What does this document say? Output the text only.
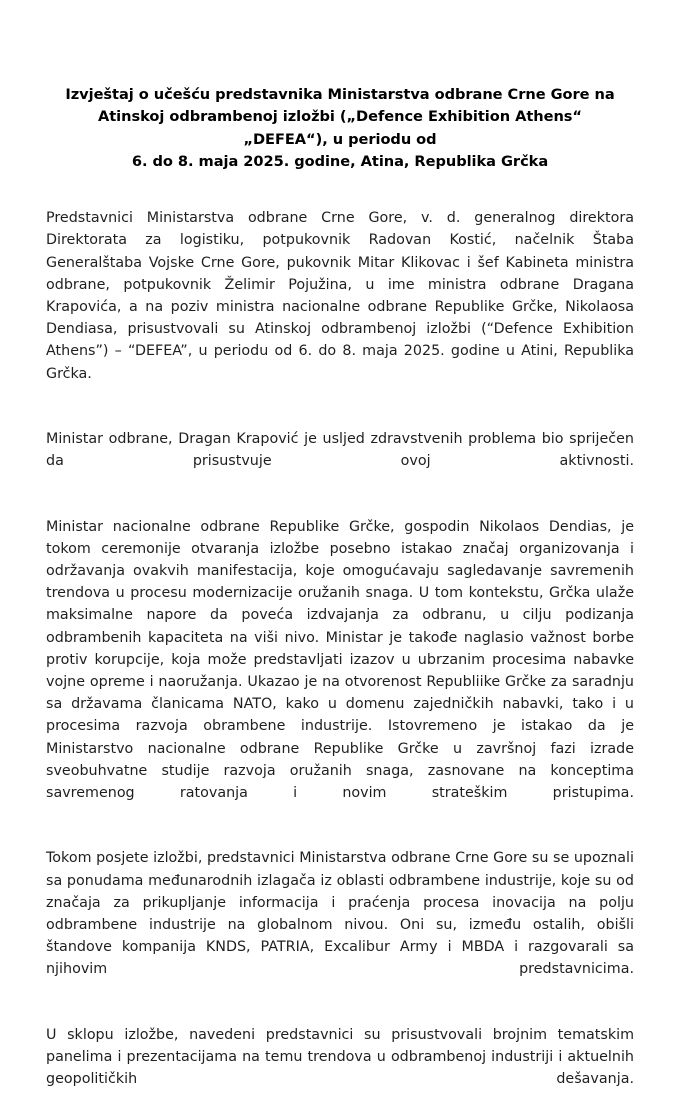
Izvještaj o učešću predstavnika Ministarstva odbrane Crne Gore na
Atinskoj odbrambenoj izložbi („Defence Exhibition Athens“
„DEFEA“), u periodu od
6. do 8. maja 2025. godine, Atina, Republika Grčka

Predstavnici Ministarstva odbrane Crne Gore, v. d. generalnog direktora Direktorata za logistiku, potpukovnik Radovan Kostić, načelnik Štaba Generalštaba Vojske Crne Gore, pukovnik Mitar Klikovac i šef Kabineta ministra odbrane, potpukovnik Želimir Pojužina, u ime ministra odbrane Dragana Krapovića, a na poziv ministra nacionalne odbrane Republike Grčke, Nikolaosa Dendiasa, prisustvovali su Atinskoj odbrambenoj izložbi (“Defence Exhibition Athens”) – “DEFEA”, u periodu od 6. do 8. maja 2025. godine u Atini, Republika Grčka.

Ministar odbrane, Dragan Krapović je usljed zdravstvenih problema bio spriječen da prisustvuje ovoj aktivnosti.

Ministar nacionalne odbrane Republike Grčke, gospodin Nikolaos Dendias, je tokom ceremonije otvaranja izložbe posebno istakao značaj organizovanja i održavanja ovakvih manifestacija, koje omogućavaju sagledavanje savremenih trendova u procesu modernizacije oružanih snaga. U tom kontekstu, Grčka ulaže maksimalne napore da poveća izdvajanja za odbranu, u cilju podizanja odbrambenih kapaciteta na viši nivo. Ministar je takođe naglasio važnost borbe protiv korupcije, koja može predstavljati izazov u ubrzanim procesima nabavke vojne opreme i naoružanja. Ukazao je na otvorenost Republiike Grčke za saradnju sa državama članicama NATO, kako u domenu zajedničkih nabavki, tako i u procesima razvoja obrambene industrije. Istovremeno je istakao da je Ministarstvo nacionalne odbrane Republike Grčke u završnoj fazi izrade sveobuhvatne studije razvoja oružanih snaga, zasnovane na konceptima savremenog ratovanja i novim strateškim pristupima.

Tokom posjete izložbi, predstavnici Ministarstva odbrane Crne Gore su se upoznali sa ponudama međunarodnih izlagača iz oblasti odbrambene industrije, koje su od značaja za prikupljanje informacija i praćenja procesa inovacija na polju odbrambene industrije na globalnom nivou. Oni su, između ostalih, obišli štandove kompanija KNDS, PATRIA, Excalibur Army i MBDA i razgovarali sa njihovim predstavnicima.

U sklopu izložbe, navedeni predstavnici su prisustvovali brojnim tematskim panelima i prezentacijama na temu trendova u odbrambenoj industriji i aktuelnih geopolitičkih dešavanja.
